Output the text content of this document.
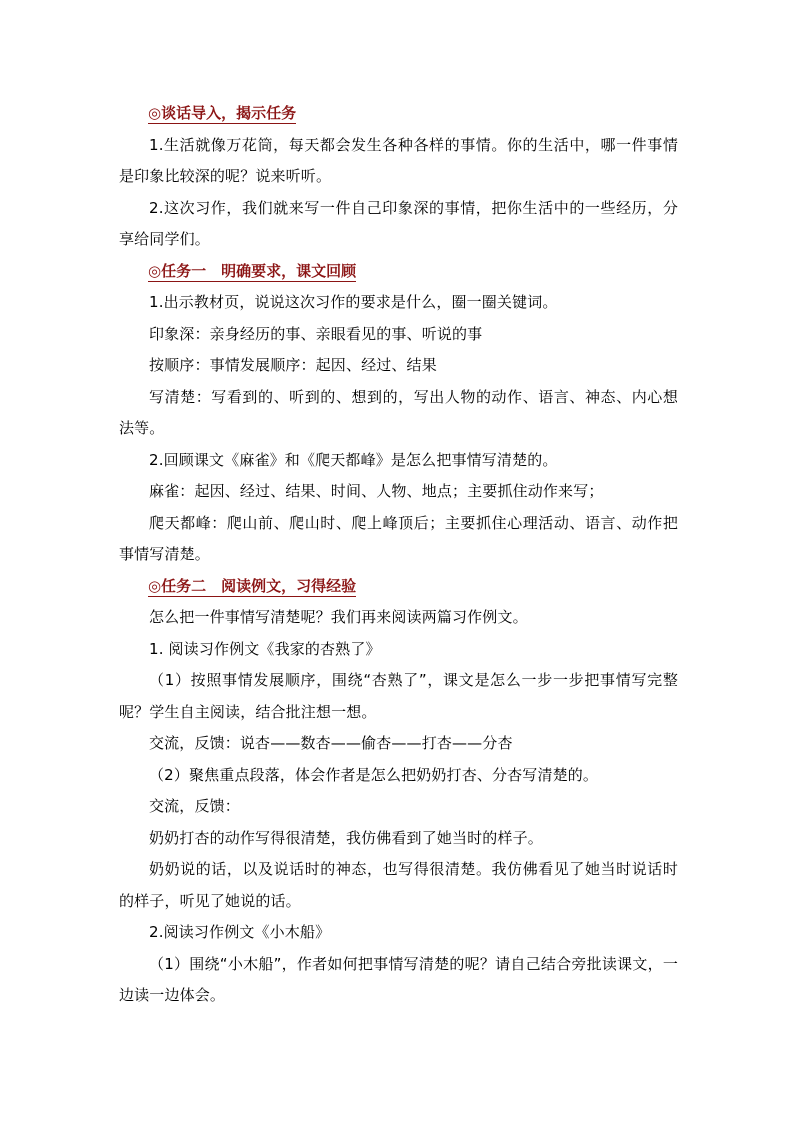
◎谈话导入，揭示任务

1.生活就像万花筒，每天都会发生各种各样的事情。你的生活中，哪一件事情是印象比较深的呢？说来听听。

2.这次习作，我们就来写一件自己印象深的事情，把你生活中的一些经历，分享给同学们。

◎任务一　明确要求，课文回顾

1.出示教材页，说说这次习作的要求是什么，圈一圈关键词。

印象深：亲身经历的事、亲眼看见的事、听说的事

按顺序：事情发展顺序：起因、经过、结果

写清楚：写看到的、听到的、想到的，写出人物的动作、语言、神态、内心想法等。

2.回顾课文《麻雀》和《爬天都峰》是怎么把事情写清楚的。

麻雀：起因、经过、结果、时间、人物、地点；主要抓住动作来写；

爬天都峰：爬山前、爬山时、爬上峰顶后；主要抓住心理活动、语言、动作把事情写清楚。

◎任务二　阅读例文，习得经验

怎么把一件事情写清楚呢？我们再来阅读两篇习作例文。

1. 阅读习作例文《我家的杏熟了》

（1）按照事情发展顺序，围绕“杏熟了”，课文是怎么一步一步把事情写完整呢？学生自主阅读，结合批注想一想。

交流，反馈：说杏——数杏——偷杏——打杏——分杏

（2）聚焦重点段落，体会作者是怎么把奶奶打杏、分杏写清楚的。

交流，反馈：

奶奶打杏的动作写得很清楚，我仿佛看到了她当时的样子。

奶奶说的话，以及说话时的神态，也写得很清楚。我仿佛看见了她当时说话时的样子，听见了她说的话。

2.阅读习作例文《小木船》

（1）围绕“小木船”，作者如何把事情写清楚的呢？请自己结合旁批读课文，一边读一边体会。
